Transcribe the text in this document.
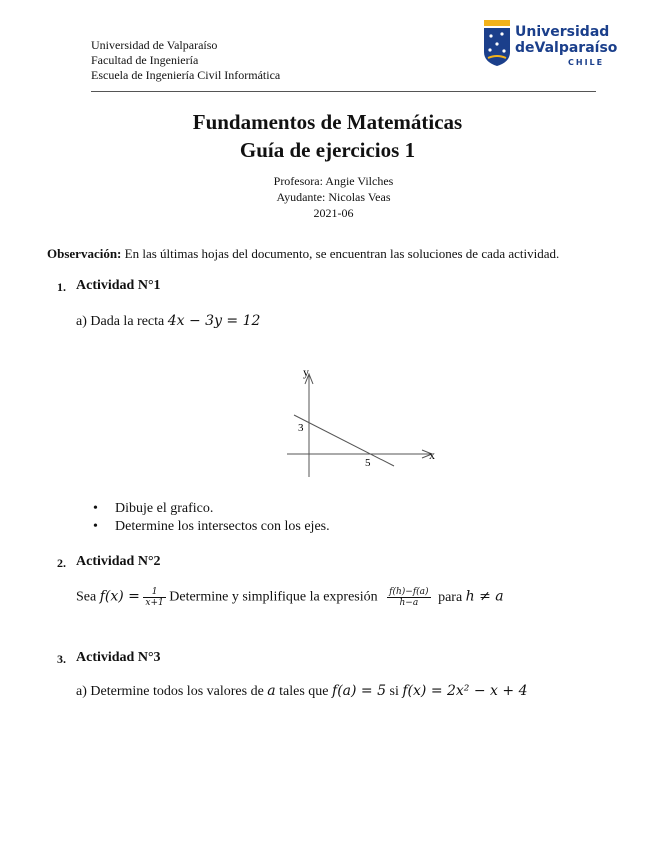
Universidad de Valparaíso
Facultad de Ingeniería
Escuela de Ingeniería Civil Informática
Universidad
deValparaíso
CHILE
Fundamentos de Matemáticas
Guía de ejercicios 1
Profesora: Angie Vilches
Ayudante: Nicolas Veas
2021-06
Observación: En las últimas hojas del documento, se encuentran las soluciones de cada actividad.
1. Actividad N°1
a) Dada la recta 4x − 3y = 12
x
y
3
5
• Dibuje el grafico.
• Determine los intersectos con los ejes.
2. Actividad N°2
Sea $f(x) = \frac{1}{x+1}$ Determine y simplifique la expresión $\frac{f(h)-f(a)}{h-a}$ para h ≠ a
3. Actividad N°3
a) Determine todos los valores de a tales que f(a) = 5 si f(x) = 2x² − x + 4
